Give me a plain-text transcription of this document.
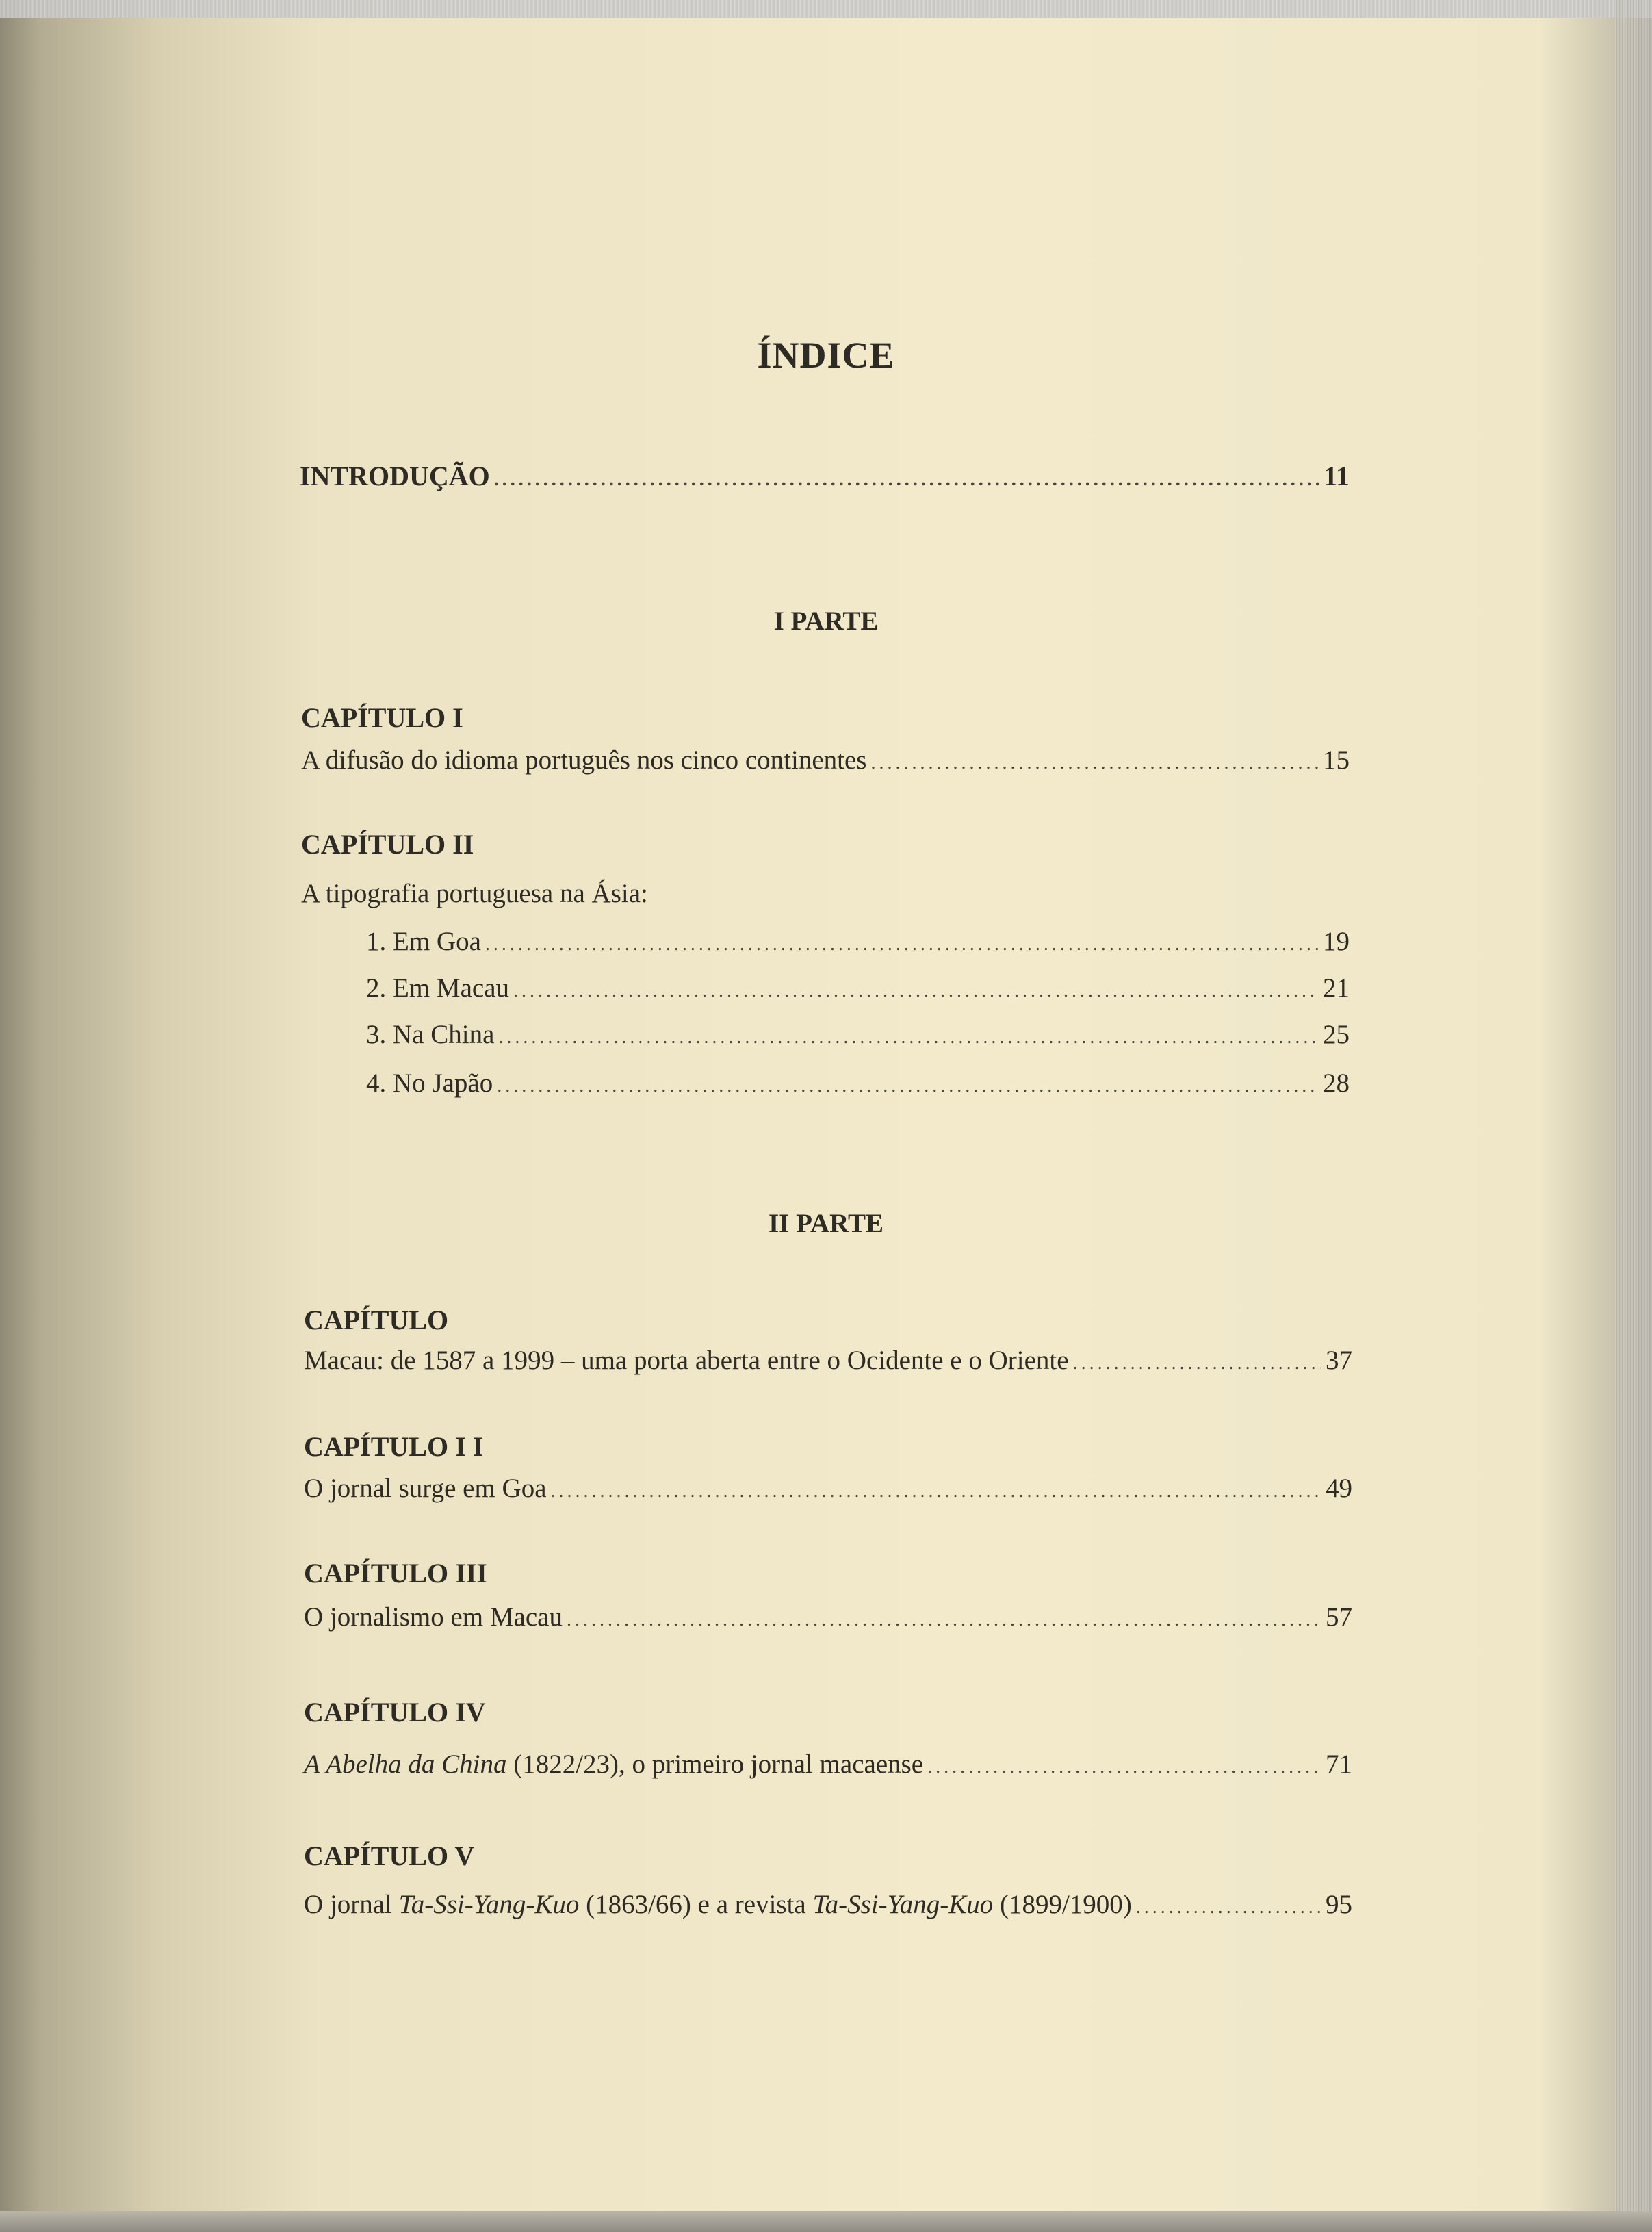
ÍNDICE
INTRODUÇÃO .....	11
I PARTE
CAPÍTULO I
A difusão do idioma português nos cinco continentes .....	15
CAPÍTULO II
A tipografia portuguesa na Ásia:
1. Em Goa .....	19
2. Em Macau .....	21
3. Na China .....	25
4. No Japão .....	28
II PARTE
CAPÍTULO
Macau: de 1587 a 1999 – uma porta aberta entre o Ocidente e o Oriente .....	37
CAPÍTULO I I
O jornal surge em Goa .....	49
CAPÍTULO III
O jornalismo em Macau .....	57
CAPÍTULO IV
A Abelha da China (1822/23), o primeiro jornal macaense .....	71
CAPÍTULO V
O jornal Ta-Ssi-Yang-Kuo (1863/66) e a revista Ta-Ssi-Yang-Kuo (1899/1900) .....	95
